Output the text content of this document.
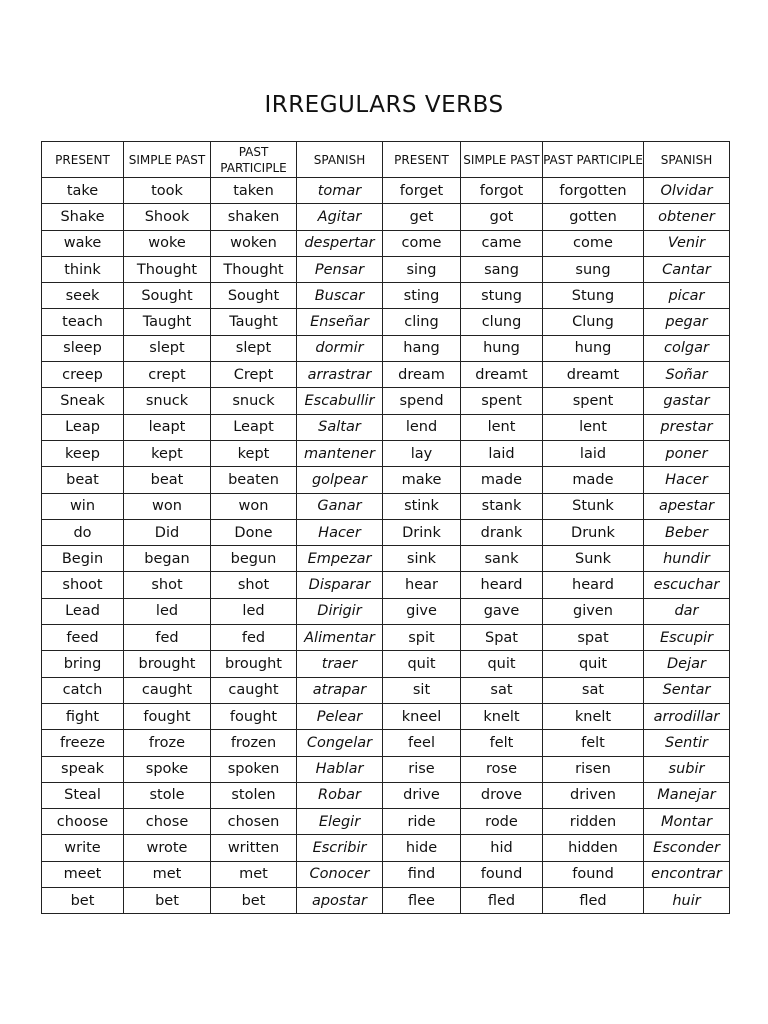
IRREGULARS VERBS
PRESENT	SIMPLE PAST	PAST PARTICIPLE	SPANISH	PRESENT	SIMPLE PAST	PAST PARTICIPLE	SPANISH
take	took	taken	tomar	forget	forgot	forgotten	Olvidar
Shake	Shook	shaken	Agitar	get	got	gotten	obtener
wake	woke	woken	despertar	come	came	come	Venir
think	Thought	Thought	Pensar	sing	sang	sung	Cantar
seek	Sought	Sought	Buscar	sting	stung	Stung	picar
teach	Taught	Taught	Enseñar	cling	clung	Clung	pegar
sleep	slept	slept	dormir	hang	hung	hung	colgar
creep	crept	Crept	arrastrar	dream	dreamt	dreamt	Soñar
Sneak	snuck	snuck	Escabullir	spend	spent	spent	gastar
Leap	leapt	Leapt	Saltar	lend	lent	lent	prestar
keep	kept	kept	mantener	lay	laid	laid	poner
beat	beat	beaten	golpear	make	made	made	Hacer
win	won	won	Ganar	stink	stank	Stunk	apestar
do	Did	Done	Hacer	Drink	drank	Drunk	Beber
Begin	began	begun	Empezar	sink	sank	Sunk	hundir
shoot	shot	shot	Disparar	hear	heard	heard	escuchar
Lead	led	led	Dirigir	give	gave	given	dar
feed	fed	fed	Alimentar	spit	Spat	spat	Escupir
bring	brought	brought	traer	quit	quit	quit	Dejar
catch	caught	caught	atrapar	sit	sat	sat	Sentar
fight	fought	fought	Pelear	kneel	knelt	knelt	arrodillar
freeze	froze	frozen	Congelar	feel	felt	felt	Sentir
speak	spoke	spoken	Hablar	rise	rose	risen	subir
Steal	stole	stolen	Robar	drive	drove	driven	Manejar
choose	chose	chosen	Elegir	ride	rode	ridden	Montar
write	wrote	written	Escribir	hide	hid	hidden	Esconder
meet	met	met	Conocer	find	found	found	encontrar
bet	bet	bet	apostar	flee	fled	fled	huir
